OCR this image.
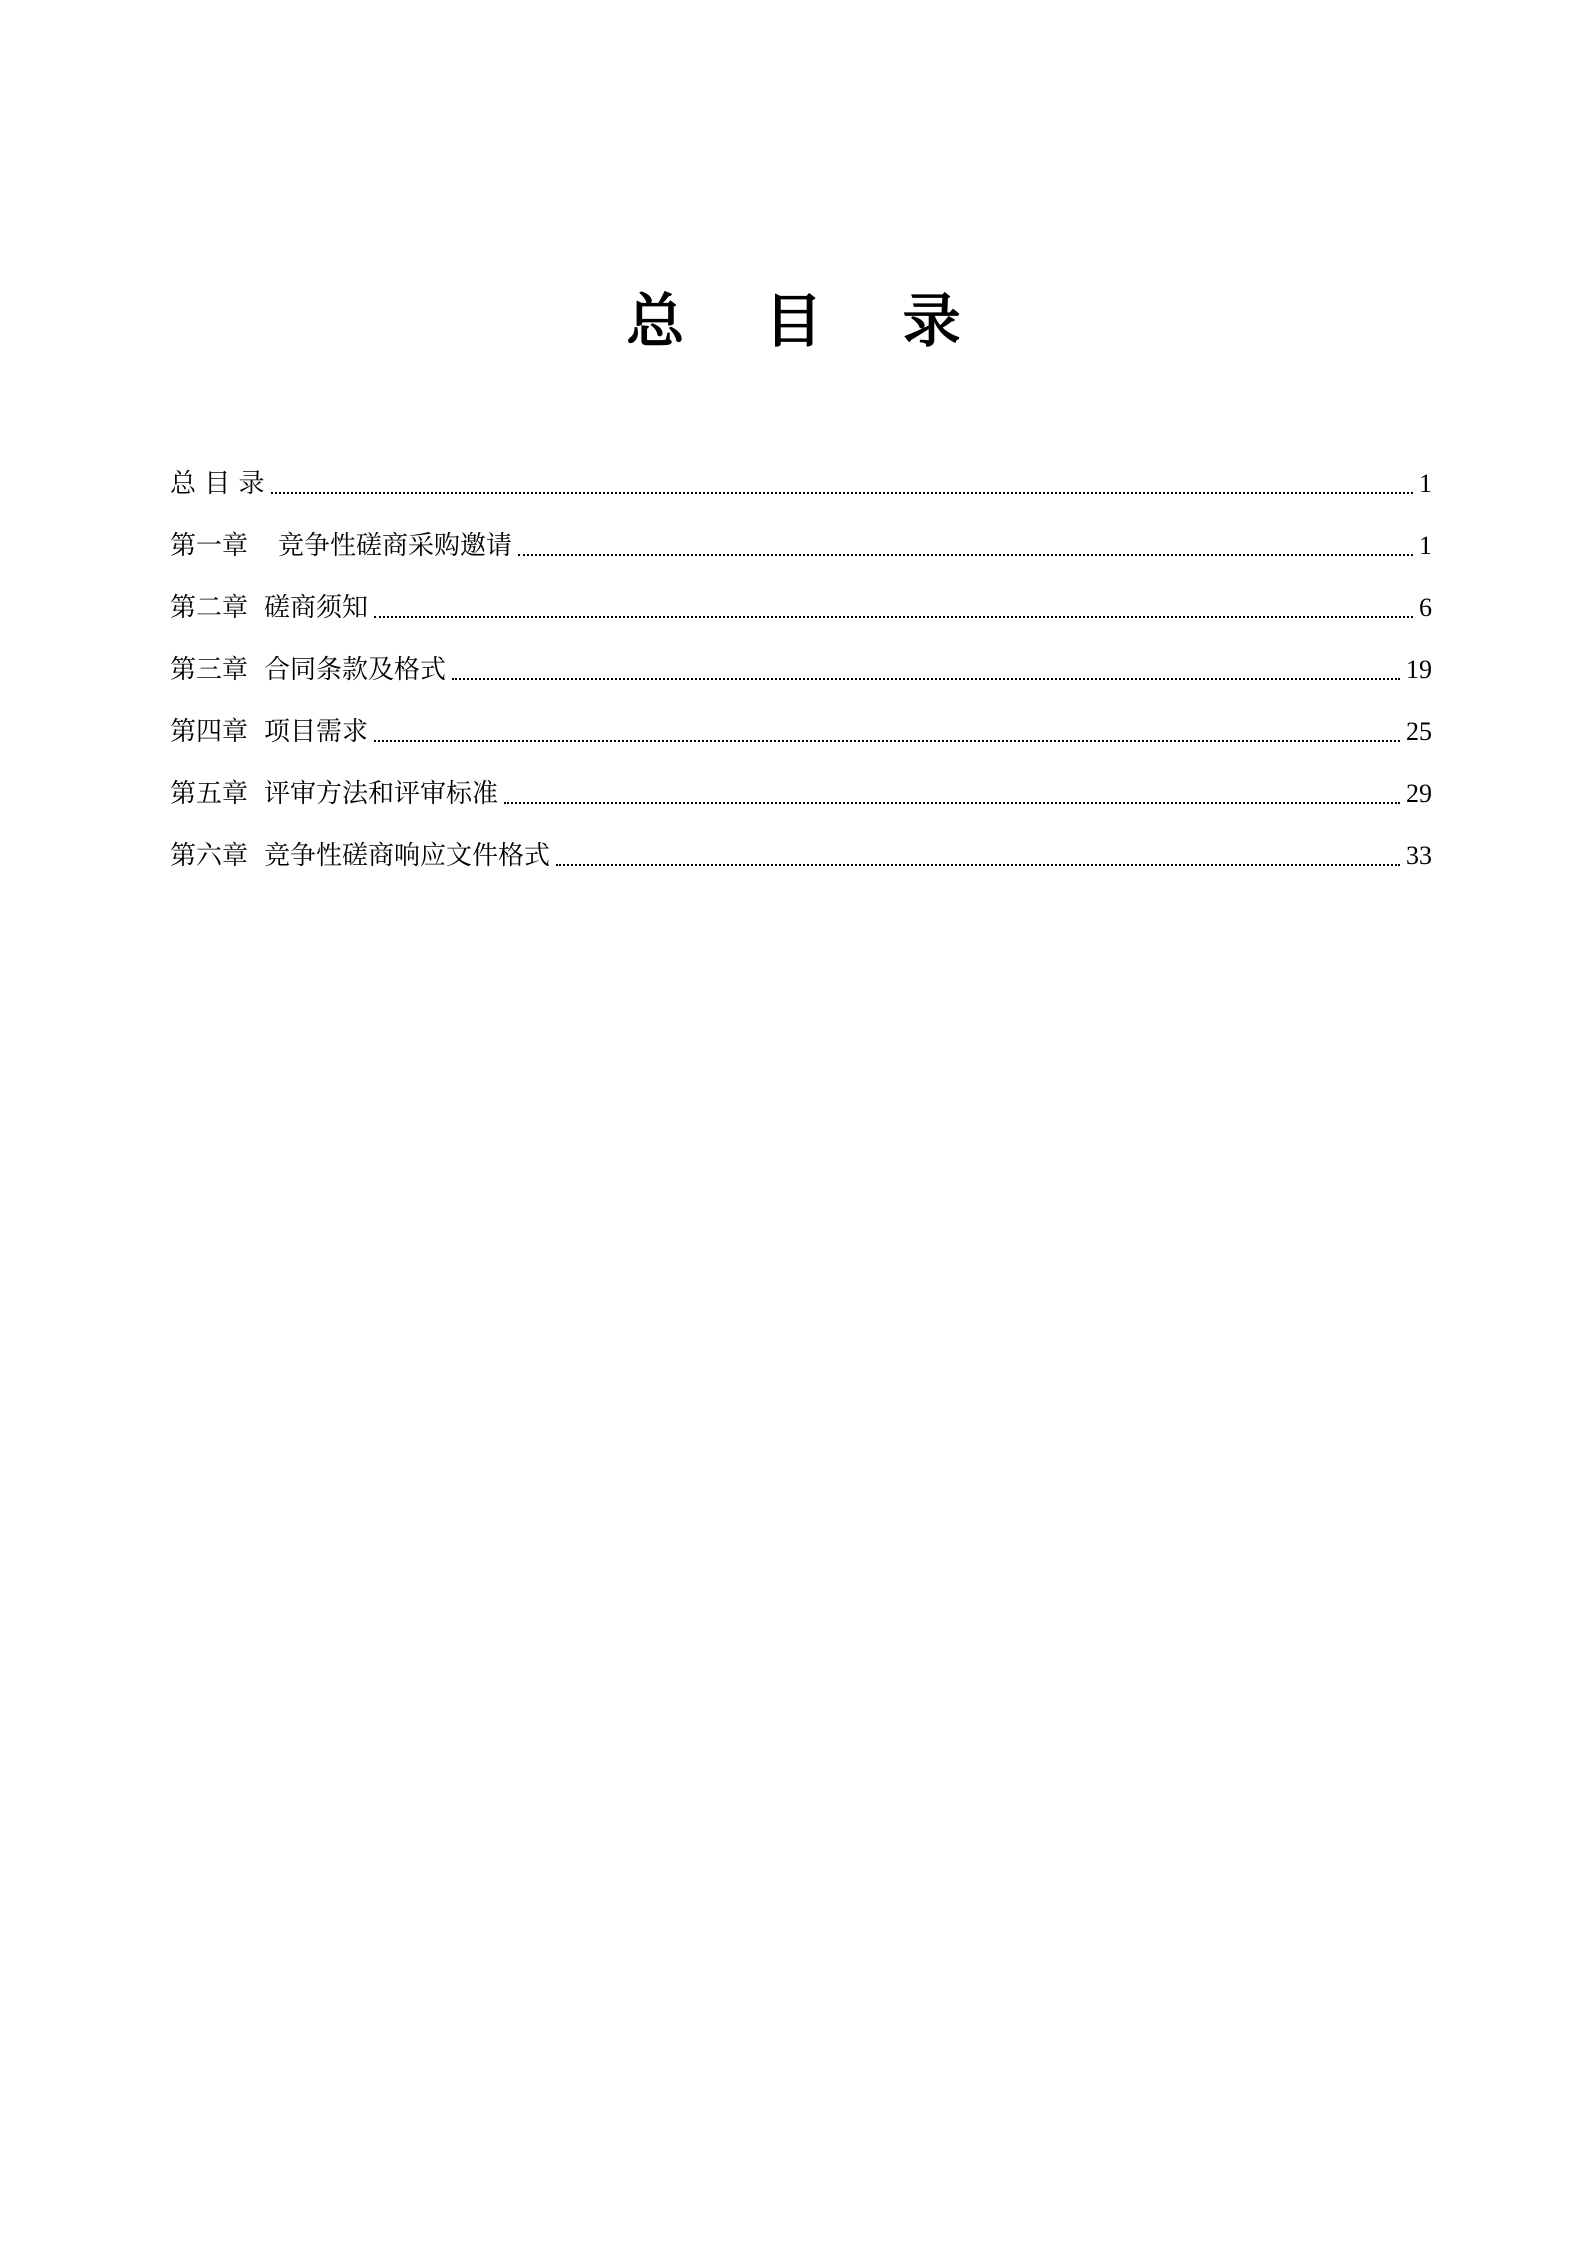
总 目 录
总 目 录	1
第一章 竞争性磋商采购邀请	1
第二章 磋商须知	6
第三章 合同条款及格式	19
第四章 项目需求	25
第五章 评审方法和评审标准	29
第六章 竞争性磋商响应文件格式	33
